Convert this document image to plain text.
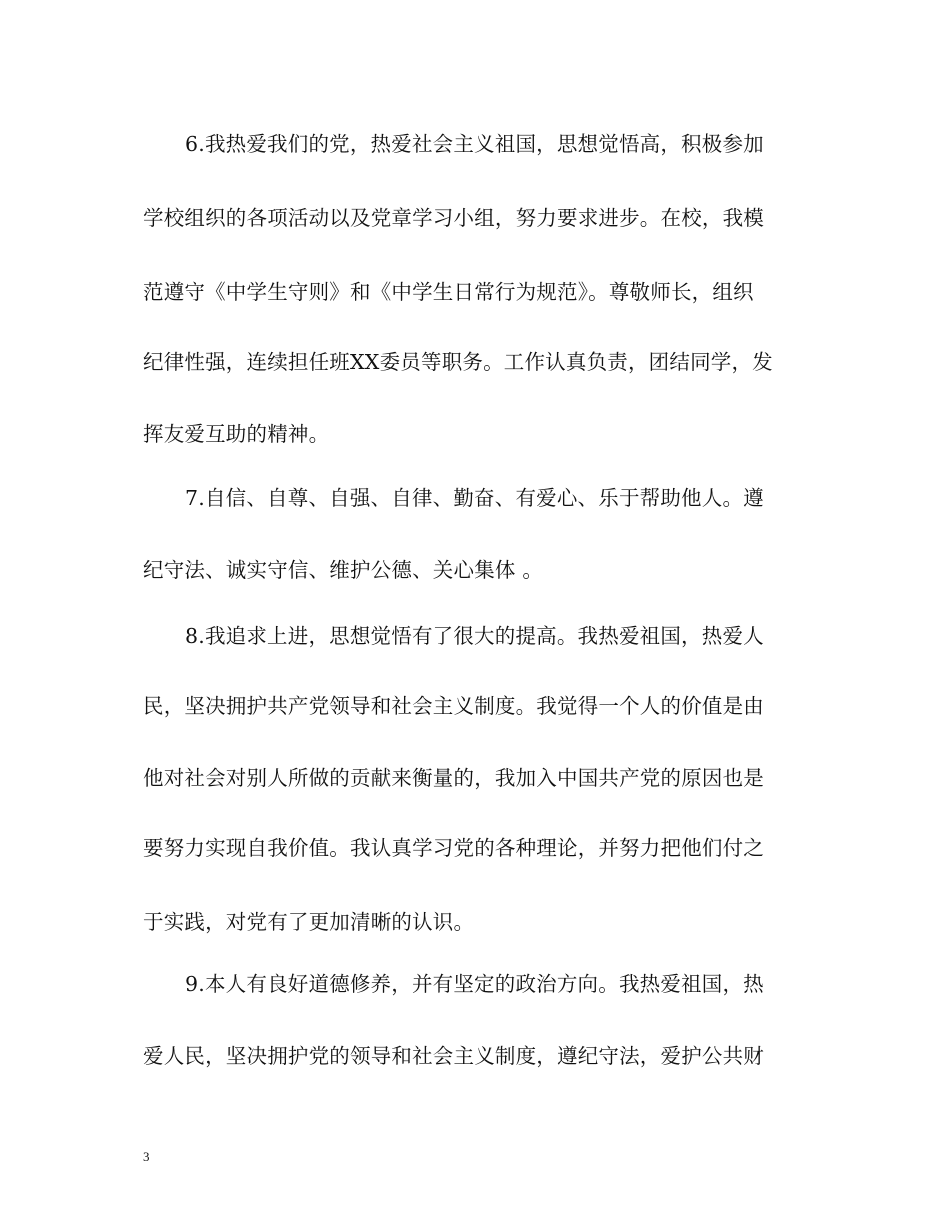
6.我热爱我们的党，热爱社会主义祖国，思想觉悟高，积极参加
学校组织的各项活动以及党章学习小组，努力要求进步。在校，我模
范遵守《中学生守则》和《中学生日常行为规范》。尊敬师长，组织
纪律性强，连续担任班XX委员等职务。工作认真负责，团结同学，发
挥友爱互助的精神。
7.自信、自尊、自强、自律、勤奋、有爱心、乐于帮助他人。遵
纪守法、诚实守信、维护公德、关心集体 。
8.我追求上进，思想觉悟有了很大的提高。我热爱祖国，热爱人
民，坚决拥护共产党领导和社会主义制度。我觉得一个人的价值是由
他对社会对别人所做的贡献来衡量的，我加入中国共产党的原因也是
要努力实现自我价值。我认真学习党的各种理论，并努力把他们付之
于实践，对党有了更加清晰的认识。
9.本人有良好道德修养，并有坚定的政治方向。我热爱祖国，热
爱人民，坚决拥护党的领导和社会主义制度，遵纪守法，爱护公共财
3
